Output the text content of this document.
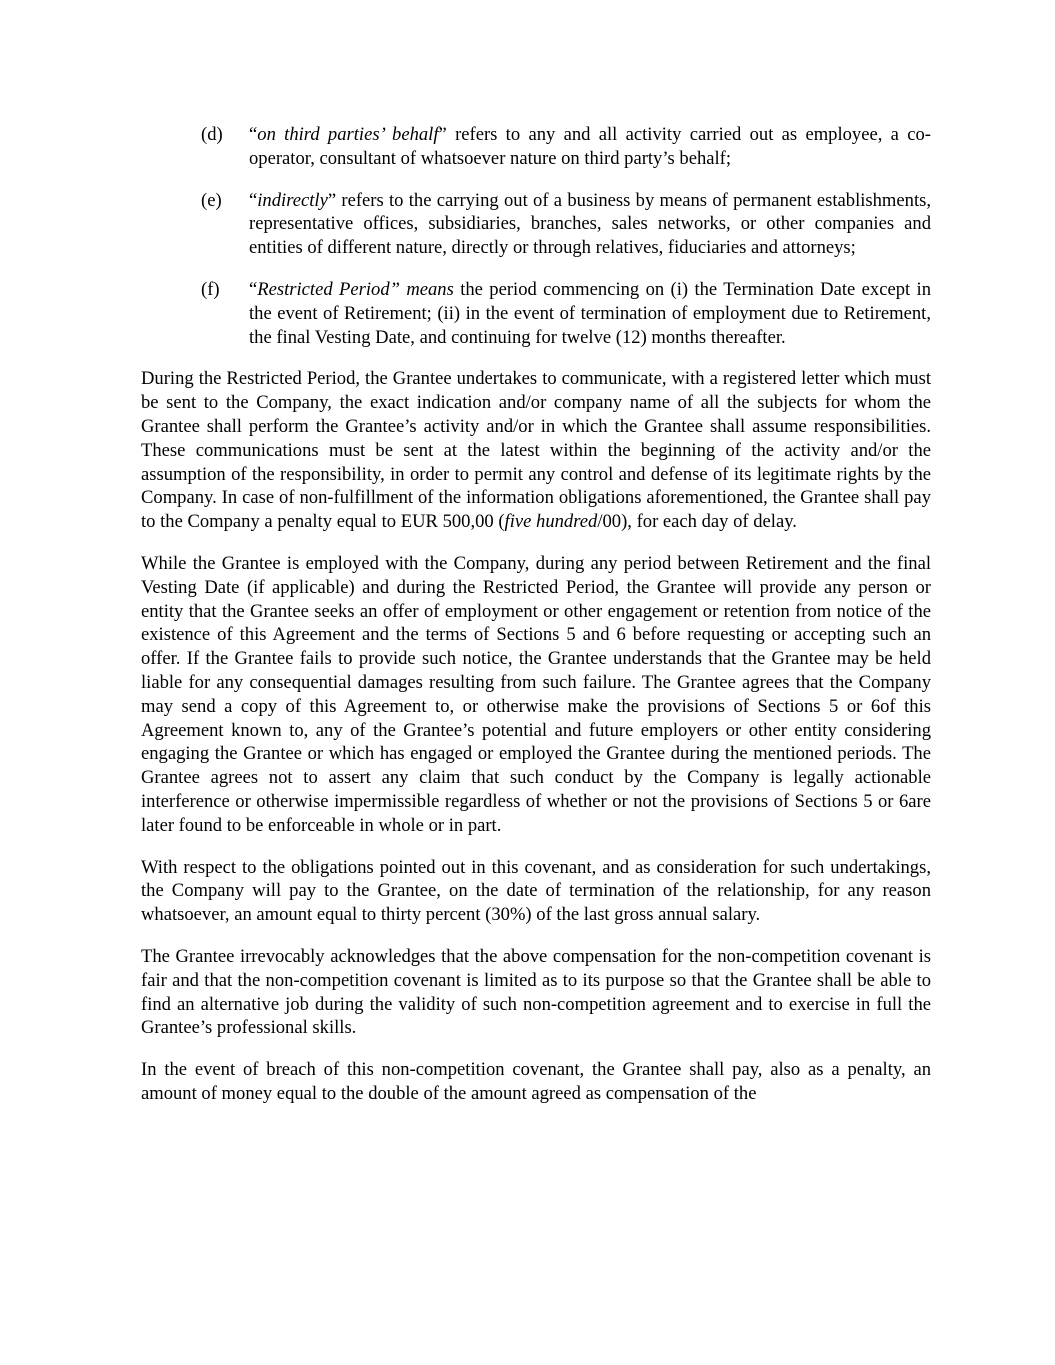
(d)	“on third parties’ behalf” refers to any and all activity carried out as employee, a co-operator, consultant of whatsoever nature on third party’s behalf;
(e)	“indirectly” refers to the carrying out of a business by means of permanent establishments, representative offices, subsidiaries, branches, sales networks, or other companies and entities of different nature, directly or through relatives, fiduciaries and attorneys;
(f)	“Restricted Period” means the period commencing on (i) the Termination Date except in the event of Retirement; (ii) in the event of termination of employment due to Retirement, the final Vesting Date, and continuing for twelve (12) months thereafter.

During the Restricted Period, the Grantee undertakes to communicate, with a registered letter which must be sent to the Company, the exact indication and/or company name of all the subjects for whom the Grantee shall perform the Grantee’s activity and/or in which the Grantee shall assume responsibilities. These communications must be sent at the latest within the beginning of the activity and/or the assumption of the responsibility, in order to permit any control and defense of its legitimate rights by the Company. In case of non-fulfillment of the information obligations aforementioned, the Grantee shall pay to the Company a penalty equal to EUR 500,00 (five hundred/00), for each day of delay.

While the Grantee is employed with the Company, during any period between Retirement and the final Vesting Date (if applicable) and during the Restricted Period, the Grantee will provide any person or entity that the Grantee seeks an offer of employment or other engagement or retention from notice of the existence of this Agreement and the terms of Sections 5 and 6 before requesting or accepting such an offer. If the Grantee fails to provide such notice, the Grantee understands that the Grantee may be held liable for any consequential damages resulting from such failure. The Grantee agrees that the Company may send a copy of this Agreement to, or otherwise make the provisions of Sections 5 or 6of this Agreement known to, any of the Grantee’s potential and future employers or other entity considering engaging the Grantee or which has engaged or employed the Grantee during the mentioned periods. The Grantee agrees not to assert any claim that such conduct by the Company is legally actionable interference or otherwise impermissible regardless of whether or not the provisions of Sections 5 or 6are later found to be enforceable in whole or in part.

With respect to the obligations pointed out in this covenant, and as consideration for such undertakings, the Company will pay to the Grantee, on the date of termination of the relationship, for any reason whatsoever, an amount equal to thirty percent (30%) of the last gross annual salary.

The Grantee irrevocably acknowledges that the above compensation for the non-competition covenant is fair and that the non-competition covenant is limited as to its purpose so that the Grantee shall be able to find an alternative job during the validity of such non-competition agreement and to exercise in full the Grantee’s professional skills.

In the event of breach of this non-competition covenant, the Grantee shall pay, also as a penalty, an amount of money equal to the double of the amount agreed as compensation of the
